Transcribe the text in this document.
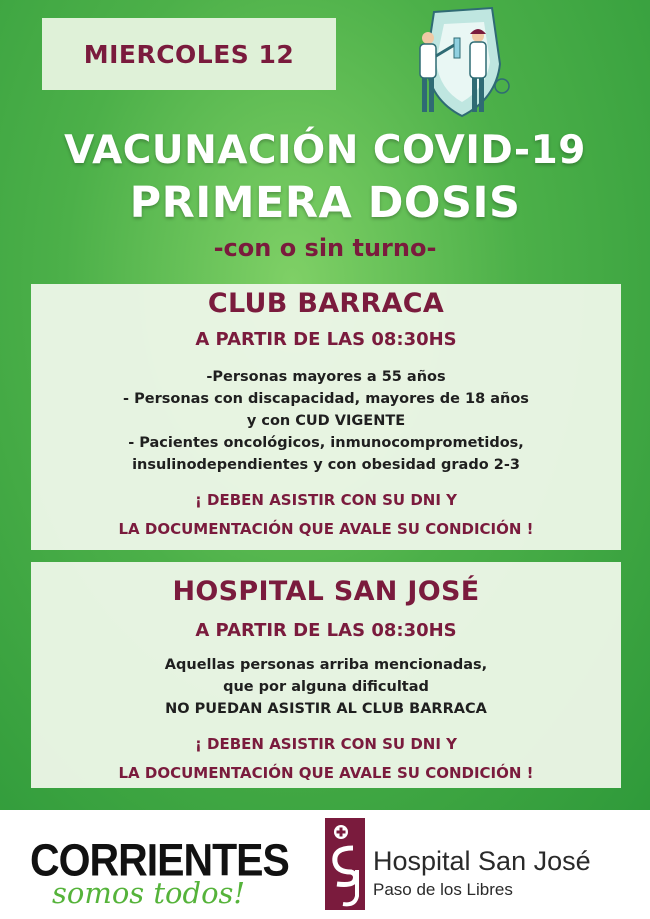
MIERCOLES 12
VACUNACIÓN COVID-19
PRIMERA DOSIS
-con o sin turno-
CLUB BARRACA
A PARTIR DE LAS 08:30HS
-Personas mayores a 55 años
- Personas con discapacidad, mayores de 18 años
y con CUD VIGENTE
- Pacientes oncológicos, inmunocomprometidos,
insulinodependientes y con obesidad grado 2-3
¡ DEBEN ASISTIR CON SU DNI Y
LA DOCUMENTACIÓN QUE AVALE SU CONDICIÓN !
HOSPITAL SAN JOSÉ
A PARTIR DE LAS 08:30HS
Aquellas personas arriba mencionadas,
que por alguna dificultad
NO PUEDAN ASISTIR AL CLUB BARRACA
¡ DEBEN ASISTIR CON SU DNI Y
LA DOCUMENTACIÓN QUE AVALE SU CONDICIÓN !
CORRIENTES
somos todos!
Hospital San José
Paso de los Libres
